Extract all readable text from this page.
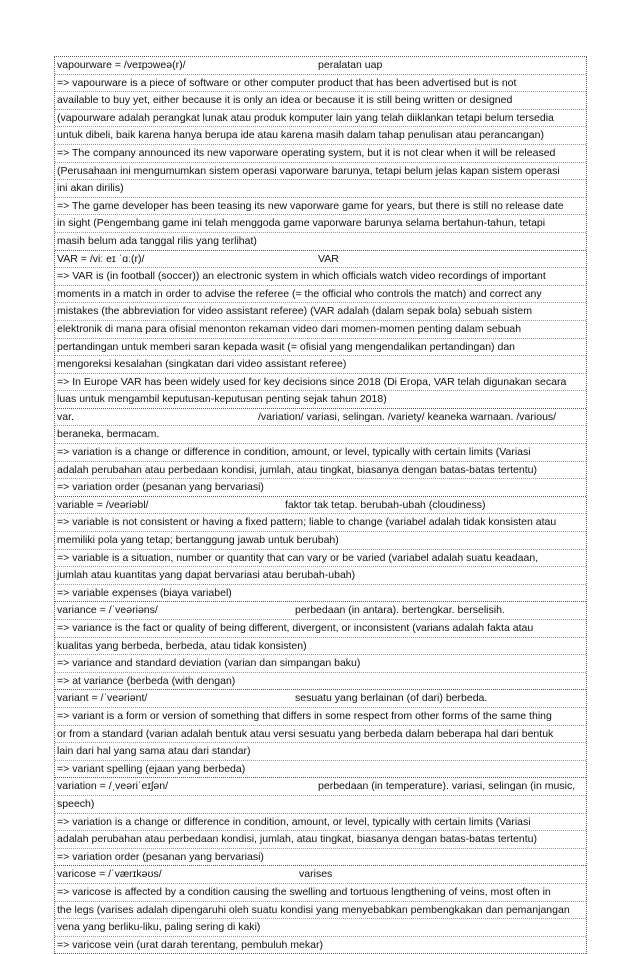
vapourware = /veɪpɔweə(r)/	peralatan uap
=> vapourware is a piece of software or other computer product that has been advertised but is not
available to buy yet, either because it is only an idea or because it is still being written or designed
(vapourware adalah perangkat lunak atau produk komputer lain yang telah diiklankan tetapi belum tersedia
untuk dibeli, baik karena hanya berupa ide atau karena masih dalam tahap penulisan atau perancangan)
=> The company announced its new vaporware operating system, but it is not clear when it will be released
(Perusahaan ini mengumumkan sistem operasi vaporware barunya, tetapi belum jelas kapan sistem operasi
ini akan dirilis)
=> The game developer has been teasing its new vaporware game for years, but there is still no release date
in sight (Pengembang game ini telah menggoda game vaporware barunya selama bertahun-tahun, tetapi
masih belum ada tanggal rilis yang terlihat)
VAR = /viː eɪ ˈɑː(r)/	VAR
=> VAR is (in football (soccer)) an electronic system in which officials watch video recordings of important
moments in a match in order to advise the referee (= the official who controls the match) and correct any
mistakes (the abbreviation for video assistant referee) (VAR adalah (dalam sepak bola) sebuah sistem
elektronik di mana para ofisial menonton rekaman video dari momen-momen penting dalam sebuah
pertandingan untuk memberi saran kepada wasit (= ofisial yang mengendalikan pertandingan) dan
mengoreksi kesalahan (singkatan dari video assistant referee)
=> In Europe VAR has been widely used for key decisions since 2018 (Di Eropa, VAR telah digunakan secara
luas untuk mengambil keputusan-keputusan penting sejak tahun 2018)
var.	/variation/ variasi, selingan. /variety/ keaneka warnaan. /various/
beraneka, bermacam.
=> variation is a change or difference in condition, amount, or level, typically with certain limits (Variasi
adalah perubahan atau perbedaan kondisi, jumlah, atau tingkat, biasanya dengan batas-batas tertentu)
=> variation order (pesanan yang bervariasi)
variable = /veəriəbl/	faktor tak tetap. berubah-ubah (cloudiness)
=> variable is not consistent or having a fixed pattern; liable to change (variabel adalah tidak konsisten atau
memiliki pola yang tetap; bertanggung jawab untuk berubah)
=> variable is a situation, number or quantity that can vary or be varied (variabel adalah suatu keadaan,
jumlah atau kuantitas yang dapat bervariasi atau berubah-ubah)
=> variable expenses (biaya variabel)
variance = /ˈveəriəns/	perbedaan (in antara). bertengkar. berselisih.
=> variance is the fact or quality of being different, divergent, or inconsistent (varians adalah fakta atau
kualitas yang berbeda, berbeda, atau tidak konsisten)
=> variance and standard deviation (varian dan simpangan baku)
=> at variance (berbeda (with dengan)
variant = /ˈveəriənt/	sesuatu yang berlainan (of dari) berbeda.
=> variant is a form or version of something that differs in some respect from other forms of the same thing
or from a standard (varian adalah bentuk atau versi sesuatu yang berbeda dalam beberapa hal dari bentuk
lain dari hal yang sama atau dari standar)
=> variant spelling (ejaan yang berbeda)
variation = /ˌveəriˈeɪʃən/	perbedaan (in temperature). variasi, selingan (in music,
speech)
=> variation is a change or difference in condition, amount, or level, typically with certain limits (Variasi
adalah perubahan atau perbedaan kondisi, jumlah, atau tingkat, biasanya dengan batas-batas tertentu)
=> variation order (pesanan yang bervariasi)
varicose = /ˈværɪkəʊs/	varises
=> varicose is affected by a condition causing the swelling and tortuous lengthening of veins, most often in
the legs (varises adalah dipengaruhi oleh suatu kondisi yang menyebabkan pembengkakan dan pemanjangan
vena yang berliku-liku, paling sering di kaki)
=> varicose vein (urat darah terentang, pembuluh mekar)
